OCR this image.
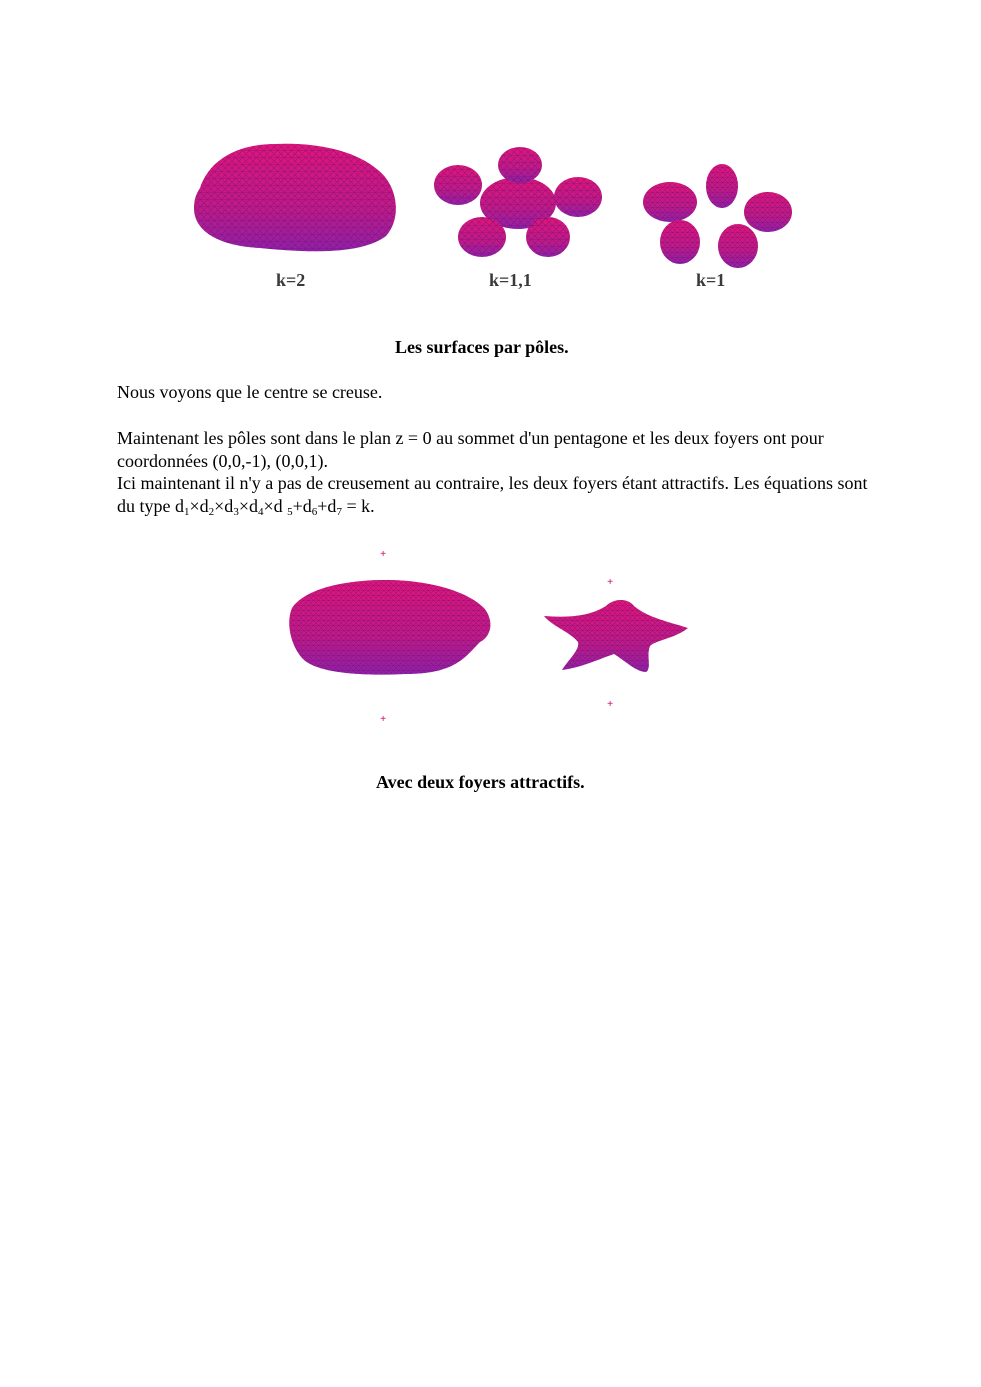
k=2	k=1,1	k=1
Les surfaces par pôles.
Nous voyons que le centre se creuse.
Maintenant les pôles sont dans le plan z = 0 au sommet d'un pentagone et les deux foyers ont pour coordonnées (0,0,-1), (0,0,1).
Ici maintenant il n'y a pas de creusement au contraire, les deux foyers étant attractifs. Les équations sont du type $d_1\times d_2\times d_3\times d_4\times d$ $_5+d_6+d_7 = k$.
+
+
+
+
Avec deux foyers attractifs.
